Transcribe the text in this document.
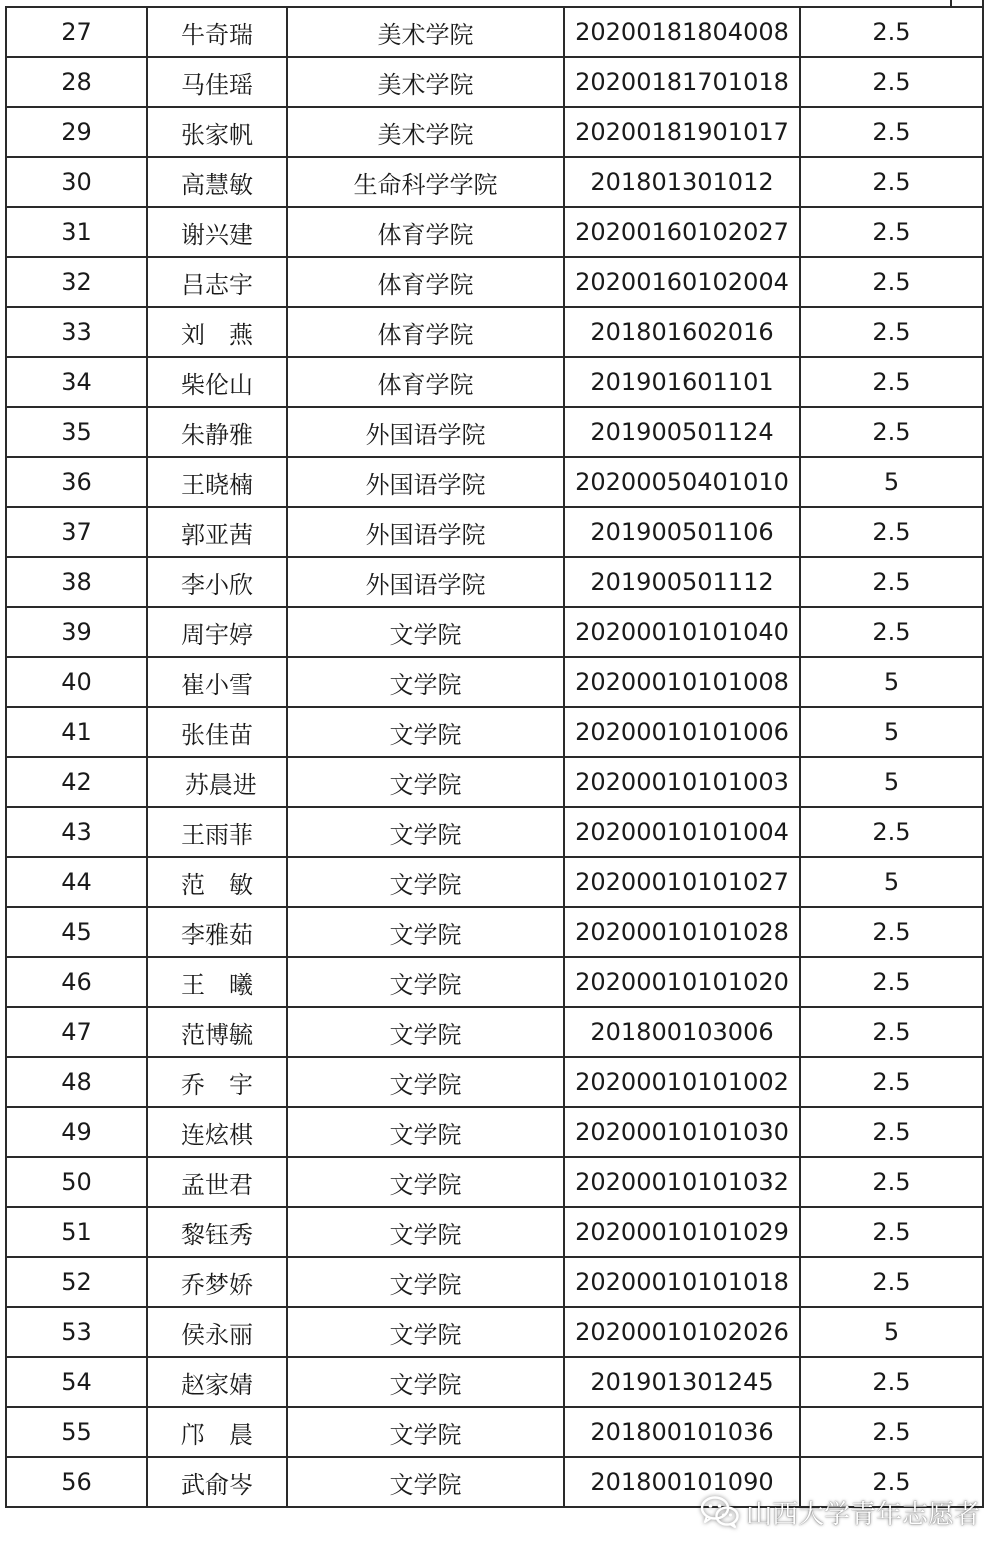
27	牛奇瑞	美术学院	20200181804008	2.5
28	马佳瑶	美术学院	20200181701018	2.5
29	张家帆	美术学院	20200181901017	2.5
30	高慧敏	生命科学学院	201801301012	2.5
31	谢兴建	体育学院	20200160102027	2.5
32	吕志宇	体育学院	20200160102004	2.5
33	刘　燕	体育学院	201801602016	2.5
34	柴伦山	体育学院	201901601101	2.5
35	朱静雅	外国语学院	201900501124	2.5
36	王晓楠	外国语学院	20200050401010	5
37	郭亚茜	外国语学院	201900501106	2.5
38	李小欣	外国语学院	201900501112	2.5
39	周宇婷	文学院	20200010101040	2.5
40	崔小雪	文学院	20200010101008	5
41	张佳苗	文学院	20200010101006	5
42	苏晨进	文学院	20200010101003	5
43	王雨菲	文学院	20200010101004	2.5
44	范　敏	文学院	20200010101027	5
45	李雅茹	文学院	20200010101028	2.5
46	王　曦	文学院	20200010101020	2.5
47	范博毓	文学院	201800103006	2.5
48	乔　宇	文学院	20200010101002	2.5
49	连炫棋	文学院	20200010101030	2.5
50	孟世君	文学院	20200010101032	2.5
51	黎钰秀	文学院	20200010101029	2.5
52	乔梦娇	文学院	20200010101018	2.5
53	侯永丽	文学院	20200010102026	5
54	赵家婧	文学院	201901301245	2.5
55	邝　晨	文学院	201800101036	2.5
56	武俞岑	文学院	201800101090	2.5
山西大学青年志愿者
